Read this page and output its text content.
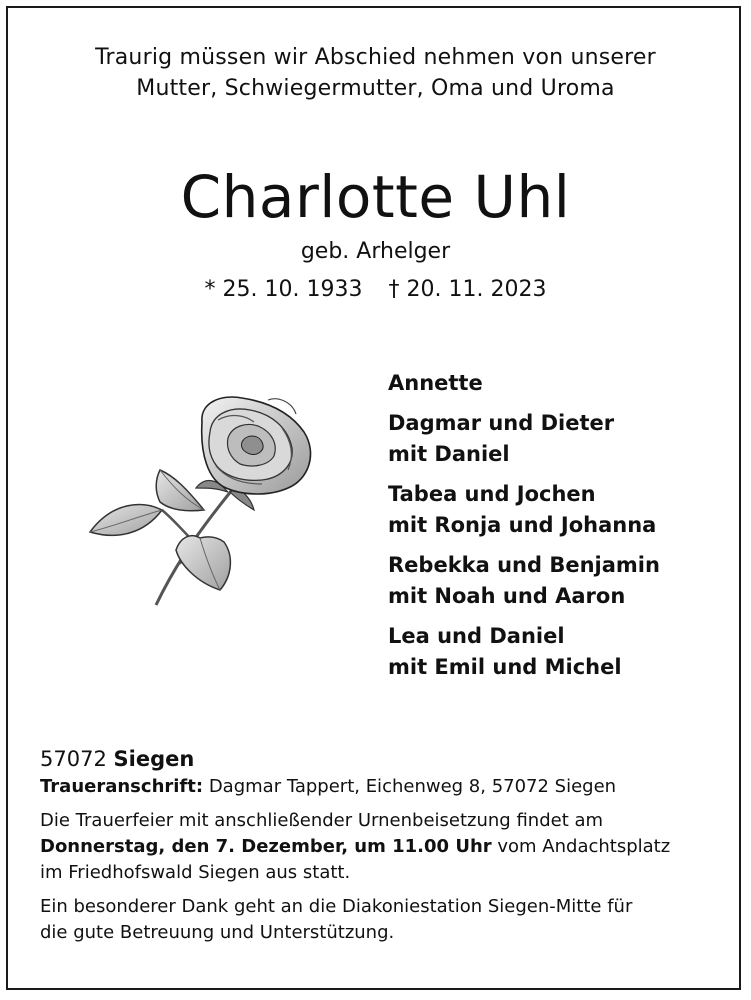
Traurig müssen wir Abschied nehmen von unserer
Mutter, Schwiegermutter, Oma und Uroma
Charlotte Uhl
geb. Arhelger
* 25. 10. 1933 † 20. 11. 2023
Annette
Dagmar und Dieter
mit Daniel
Tabea und Jochen
mit Ronja und Johanna
Rebekka und Benjamin
mit Noah und Aaron
Lea und Daniel
mit Emil und Michel

57072 Siegen

Traueranschrift: Dagmar Tappert, Eichenweg 8, 57072 Siegen

Die Trauerfeier mit anschließender Urnenbeisetzung findet am

Donnerstag, den 7. Dezember, um 11.00 Uhr vom Andachtsplatz

im Friedhofswald Siegen aus statt.

Ein besonderer Dank geht an die Diakoniestation Siegen-Mitte für

die gute Betreuung und Unterstützung.
